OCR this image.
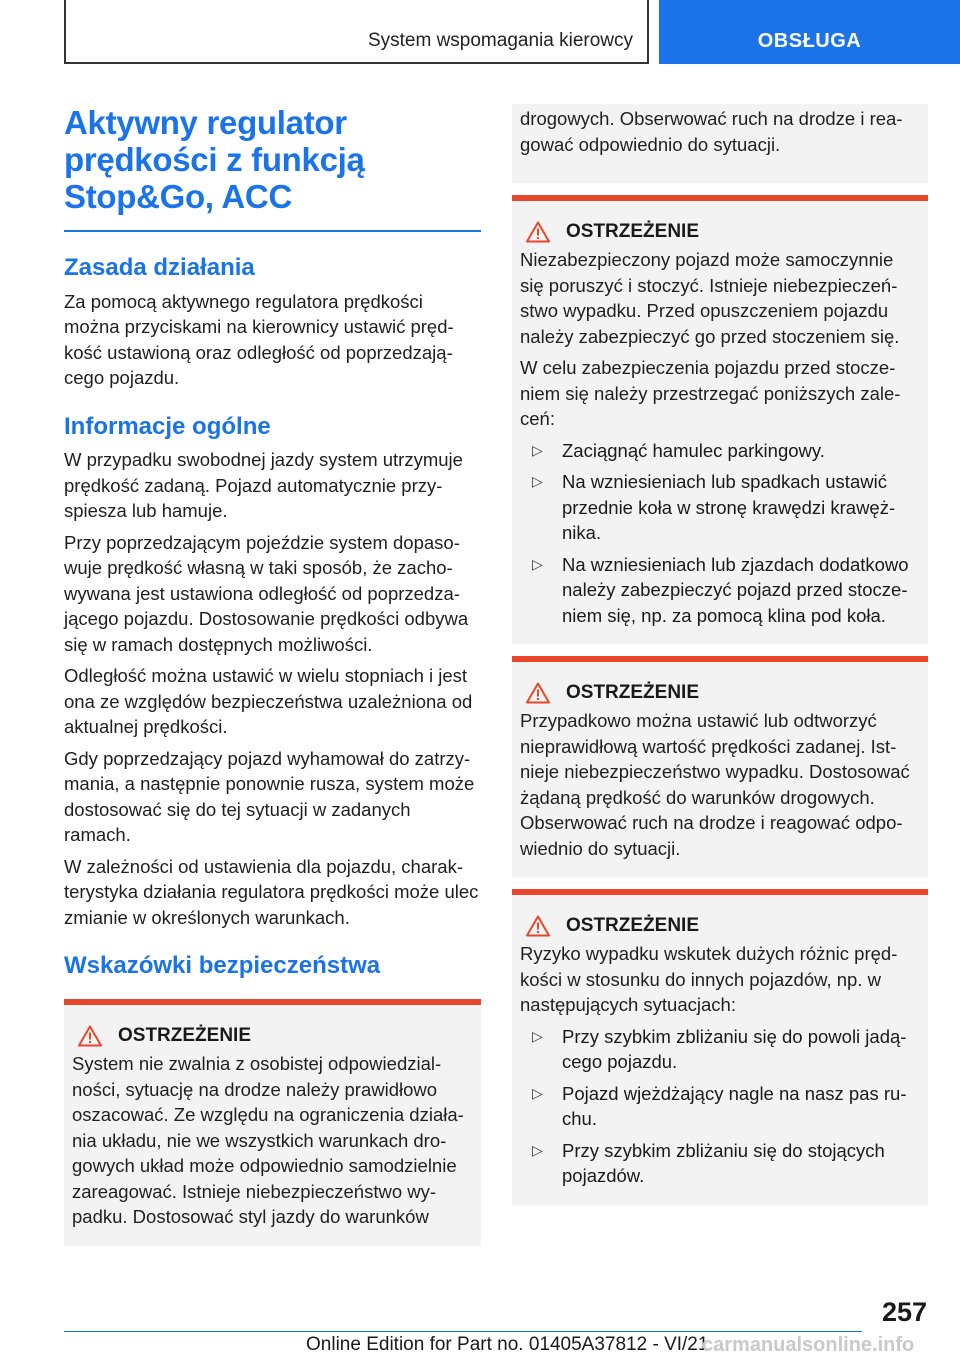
System wspomagania kierowcy	OBSŁUGA
Aktywny regulator
prędkości z funkcją
Stop&Go, ACC
Zasada działania

Za pomocą aktywnego regulatora prędkości można przyciskami na kierownicy ustawić prędkość ustawioną oraz odległość od poprzedzającego pojazdu.

Informacje ogólne

W przypadku swobodnej jazdy system utrzymuje prędkość zadaną. Pojazd automatycznie przyspiesza lub hamuje.

Przy poprzedzającym pojeździe system dopasowuje prędkość własną w taki sposób, że zachowywana jest ustawiona odległość od poprzedzającego pojazdu. Dostosowanie prędkości odbywa się w ramach dostępnych możliwości.

Odległość można ustawić w wielu stopniach i jest ona ze względów bezpieczeństwa uzależniona od aktualnej prędkości.

Gdy poprzedzający pojazd wyhamował do zatrzymania, a następnie ponownie rusza, system może dostosować się do tej sytuacji w zadanych ramach.

W zależności od ustawienia dla pojazdu, charakterystyka działania regulatora prędkości może ulec zmianie w określonych warunkach.

Wskazówki bezpieczeństwa
OSTRZEŻENIE

System nie zwalnia z osobistej odpowiedzialności, sytuację na drodze należy prawidłowo oszacować. Ze względu na ograniczenia działania układu, nie we wszystkich warunkach drogowych układ może odpowiednio samodzielnie zareagować. Istnieje niebezpieczeństwo wypadku. Dostosować styl jazdy do warunków

drogowych. Obserwować ruch na drodze i reagować odpowiednio do sytuacji.

OSTRZEŻENIE

Niezabezpieczony pojazd może samoczynnie się poruszyć i stoczyć. Istnieje niebezpieczeństwo wypadku. Przed opuszczeniem pojazdu należy zabezpieczyć go przed stoczeniem się.

W celu zabezpieczenia pojazdu przed stoczeniem się należy przestrzegać poniższych zaleceń:

▷	Zaciągnąć hamulec parkingowy.
▷	Na wzniesieniach lub spadkach ustawić przednie koła w stronę krawędzi krawężnika.
▷	Na wzniesieniach lub zjazdach dodatkowo należy zabezpieczyć pojazd przed stoczeniem się, np. za pomocą klina pod koła.
OSTRZEŻENIE

Przypadkowo można ustawić lub odtworzyć nieprawidłową wartość prędkości zadanej. Istnieje niebezpieczeństwo wypadku. Dostosować żądaną prędkość do warunków drogowych. Obserwować ruch na drodze i reagować odpowiednio do sytuacji.

OSTRZEŻENIE

Ryzyko wypadku wskutek dużych różnic prędkości w stosunku do innych pojazdów, np. w następujących sytuacjach:

▷	Przy szybkim zbliżaniu się do powoli jadącego pojazdu.
▷	Pojazd wjeżdżający nagle na nasz pas ruchu.
▷	Przy szybkim zbliżaniu się do stojących pojazdów.
257
Online Edition for Part no. 01405A37812 - VI/21
carmanualsonline.info
